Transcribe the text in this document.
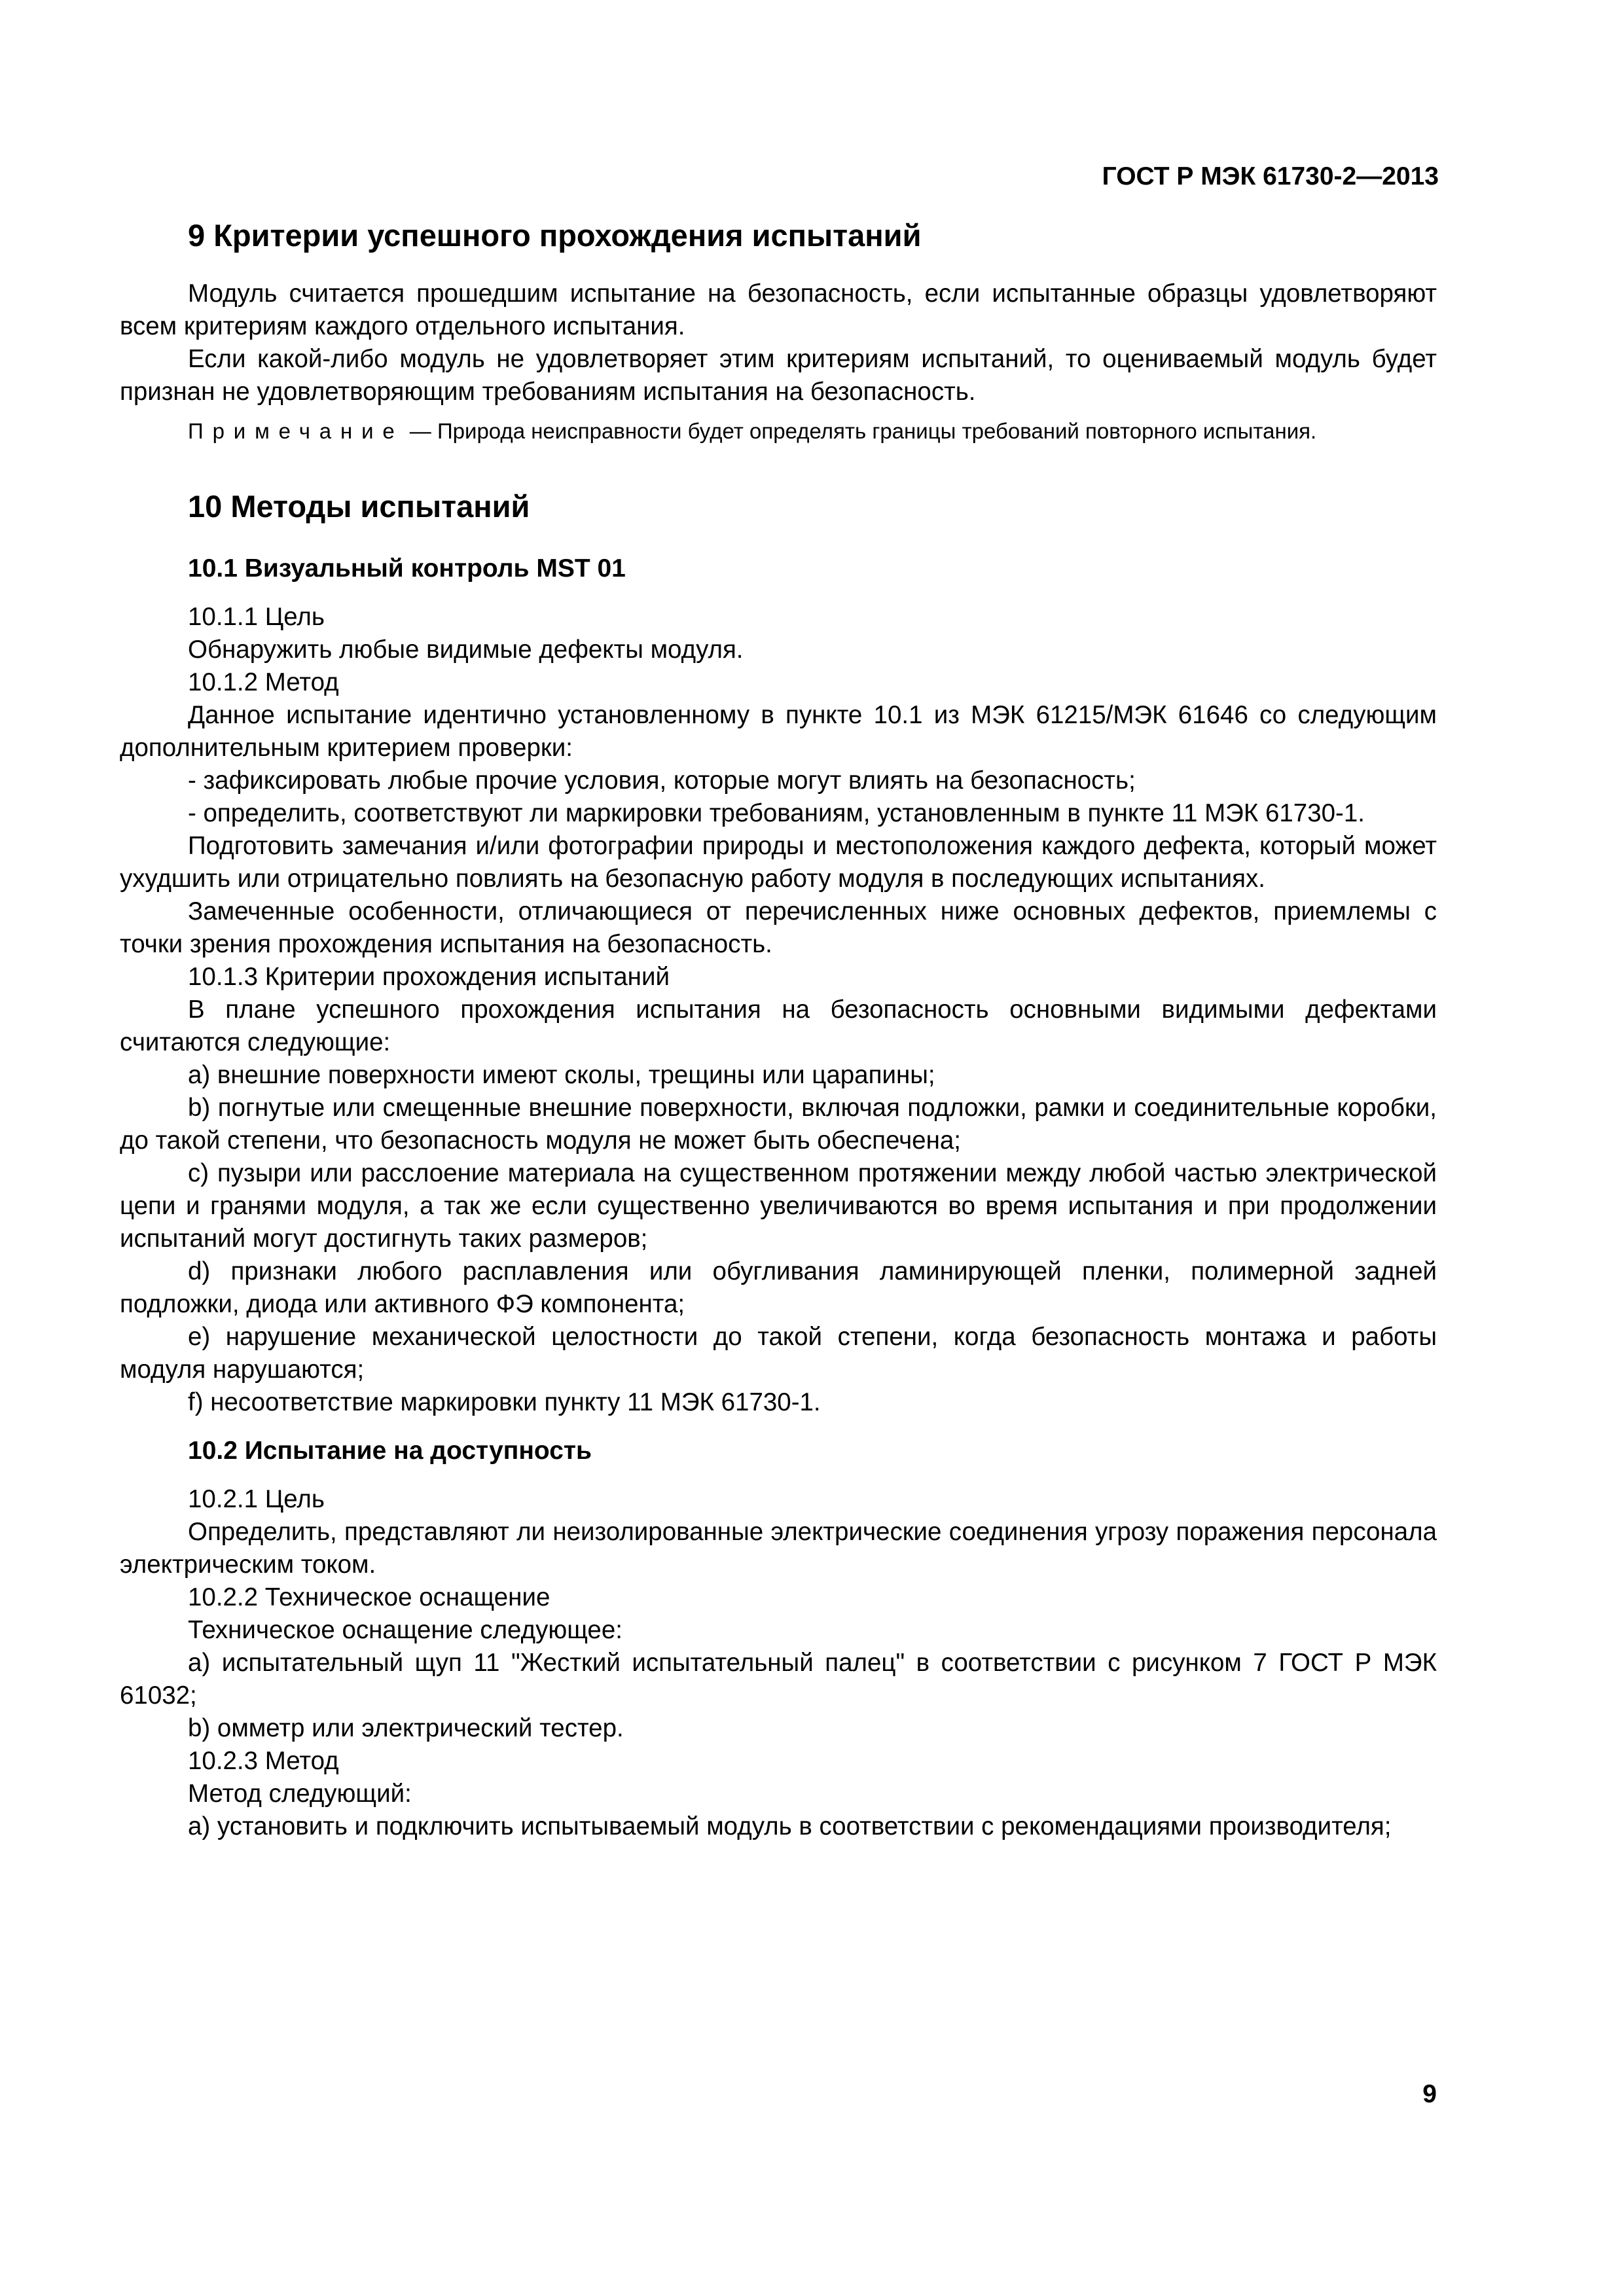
ГОСТ Р МЭК 61730-2—2013
9 Критерии успешного прохождения испытаний

Модуль считается прошедшим испытание на безопасность, если испытанные образцы удовлетворяют всем критериям каждого отдельного испытания.

Если какой-либо модуль не удовлетворяет этим критериям испытаний, то оцениваемый модуль будет признан не удовлетворяющим требованиям испытания на безопасность.

Примечание — Природа неисправности будет определять границы требований повторного испытания.

10 Методы испытаний
10.1 Визуальный контроль MST 01

10.1.1 Цель

Обнаружить любые видимые дефекты модуля.

10.1.2 Метод

Данное испытание идентично установленному в пункте 10.1 из МЭК 61215/МЭК 61646 со следующим дополнительным критерием проверки:

- зафиксировать любые прочие условия, которые могут влиять на безопасность;

- определить, соответствуют ли маркировки требованиям, установленным в пункте 11 МЭК 61730-1.

Подготовить замечания и/или фотографии природы и местоположения каждого дефекта, который может ухудшить или отрицательно повлиять на безопасную работу модуля в последующих испытаниях.

Замеченные особенности, отличающиеся от перечисленных ниже основных дефектов, приемлемы с точки зрения прохождения испытания на безопасность.

10.1.3 Критерии прохождения испытаний

В плане успешного прохождения испытания на безопасность основными видимыми дефектами считаются следующие:

a) внешние поверхности имеют сколы, трещины или царапины;

b) погнутые или смещенные внешние поверхности, включая подложки, рамки и соединительные коробки, до такой степени, что безопасность модуля не может быть обеспечена;

c) пузыри или расслоение материала на существенном протяжении между любой частью электрической цепи и гранями модуля, а так же если существенно увеличиваются во время испытания и при продолжении испытаний могут достигнуть таких размеров;

d) признаки любого расплавления или обугливания ламинирующей пленки, полимерной задней подложки, диода или активного ФЭ компонента;

e) нарушение механической целостности до такой степени, когда безопасность монтажа и работы модуля нарушаются;

f) несоответствие маркировки пункту 11 МЭК 61730-1.

10.2 Испытание на доступность

10.2.1 Цель

Определить, представляют ли неизолированные электрические соединения угрозу поражения персонала электрическим током.

10.2.2 Техническое оснащение

Техническое оснащение следующее:

a) испытательный щуп 11 "Жесткий испытательный палец" в соответствии с рисунком 7 ГОСТ Р МЭК 61032;

b) омметр или электрический тестер.

10.2.3 Метод

Метод следующий:

a) установить и подключить испытываемый модуль в соответствии с рекомендациями производителя;

9
